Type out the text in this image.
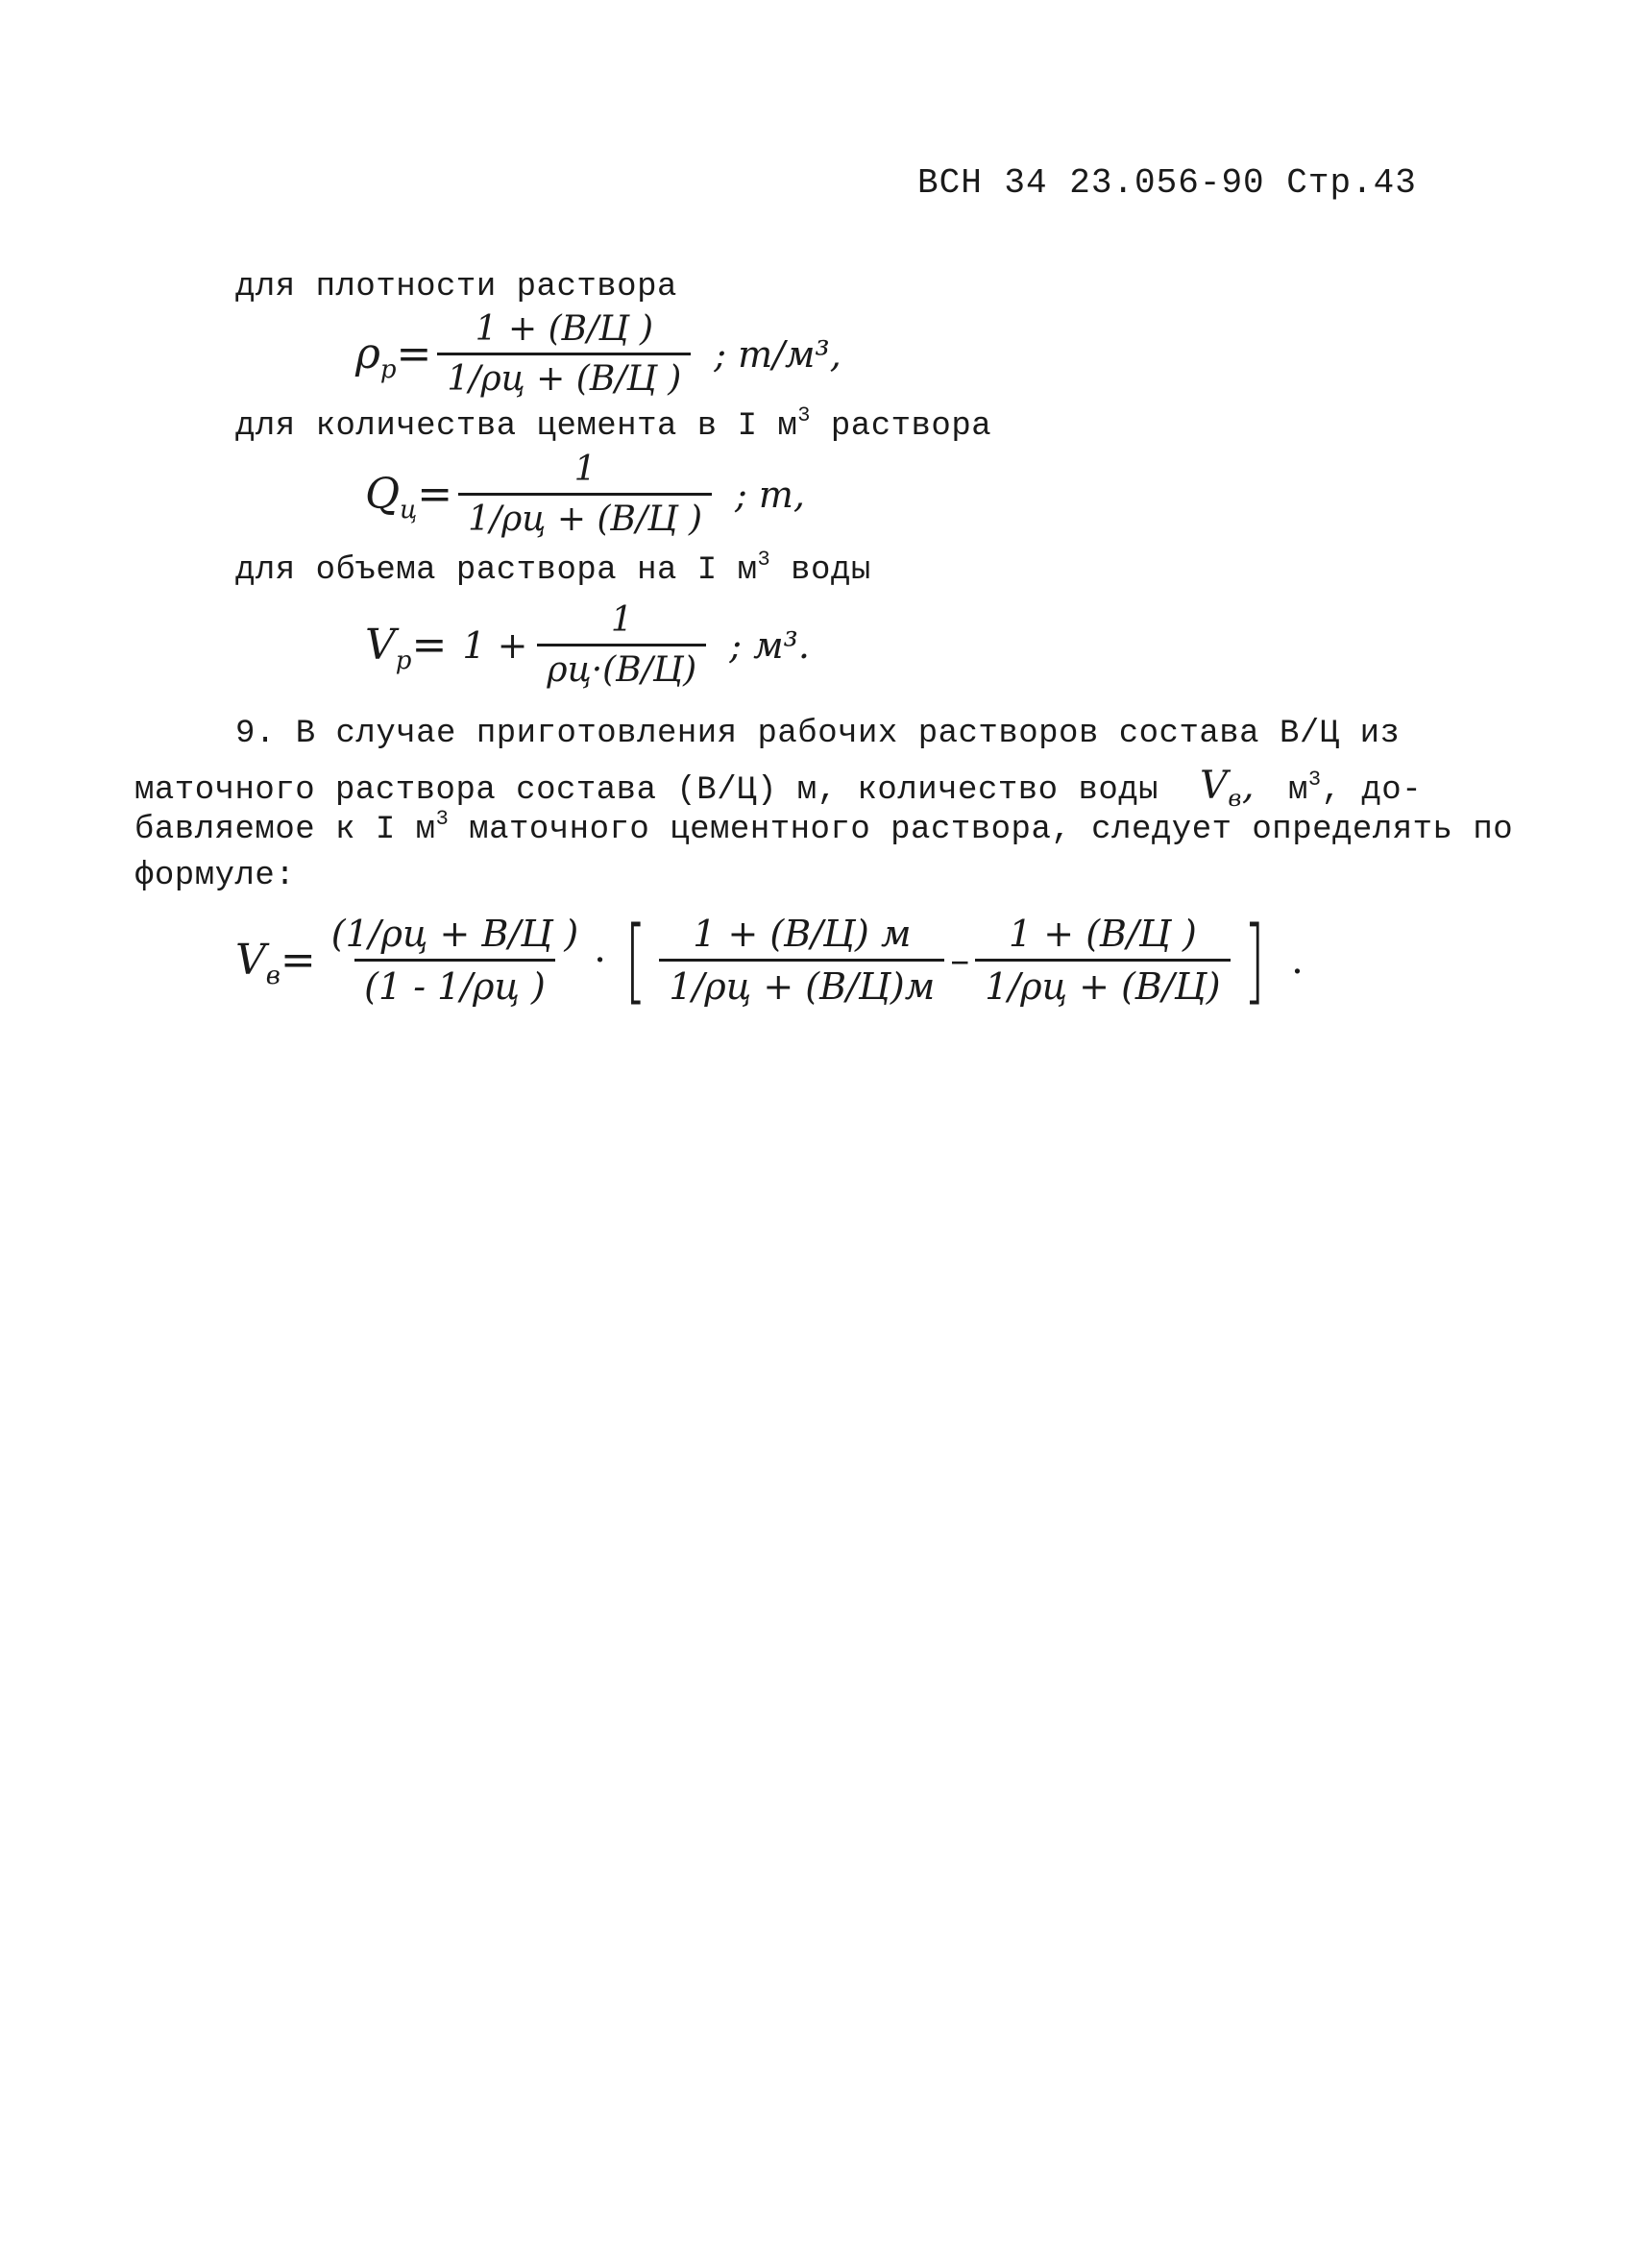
ВСН 34 23.056-90 Стр.43
для плотности раствора
$\rho_р= \frac{1 + (В/Ц )}{1/\rho ц + (В/Ц )}$ ; т/м³,
для количества цемента в I $м^3$ раствора
$Q_ц= \frac{1}{1/\rho ц + (В/Ц )}$ ; т,
для объема раствора на I $м^3$ воды
$V_р= 1 + \frac{1}{\rho ц\cdot(В/Ц)}$ ; м³.
9. В случае приготовления рабочих растворов состава В/Ц из
маточного раствора состава (В/Ц) м, количество воды $V_в$, $м^3$, до-
бавляемое к I $м^3$ маточного цементного раствора, следует определять по
формуле:
$V_в= \frac{(1/\rho ц + В/Ц )}{(1 - 1/\rho ц )}$ · [ $\frac{1 + (В/Ц) м}{1/\rho ц + (В/Ц)м} - \frac{1 + (В/Ц )}{1/\rho ц + (В/Ц)}$ ] .
